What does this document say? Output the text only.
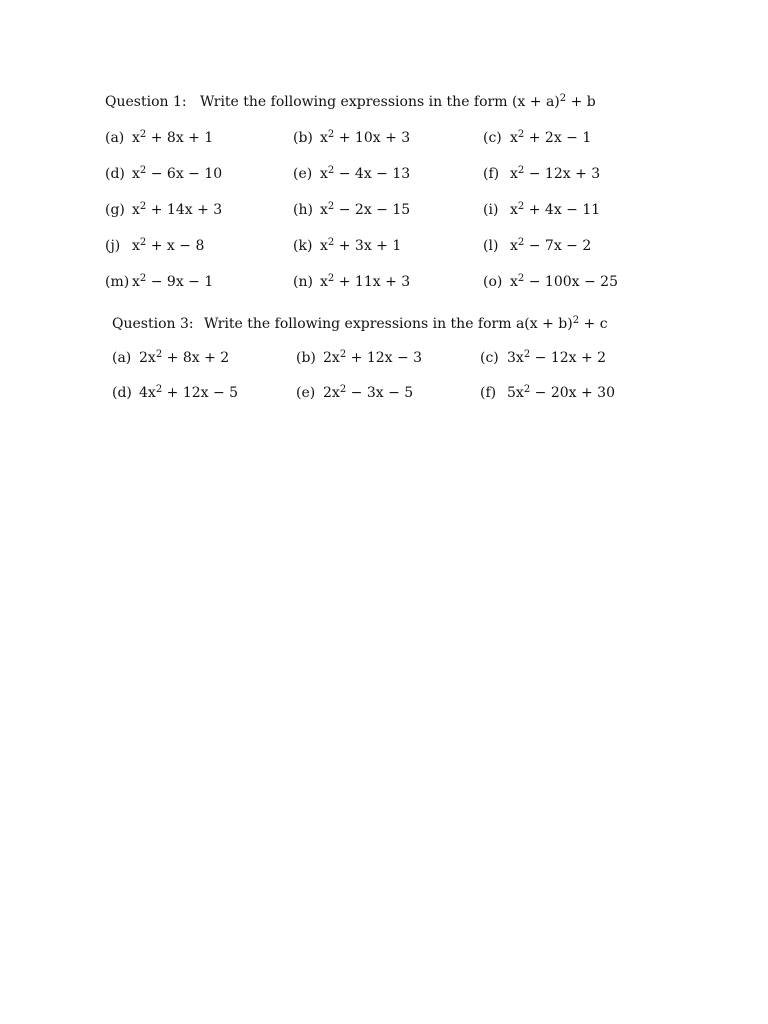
Question 1: Write the following expressions in the form $(x + a)^2 + b$
(a) $x^2 + 8x + 1$	(b) $x^2 + 10x + 3$	(c) $x^2 + 2x - 1$
(d) $x^2 - 6x - 10$	(e) $x^2 - 4x - 13$	(f) $x^2 - 12x + 3$
(g) $x^2 + 14x + 3$	(h) $x^2 - 2x - 15$	(i) $x^2 + 4x - 11$
(j) $x^2 + x - 8$	(k) $x^2 + 3x + 1$	(l) $x^2 - 7x - 2$
(m) $x^2 - 9x - 1$	(n) $x^2 + 11x + 3$	(o) $x^2 - 100x - 25$
Question 3: Write the following expressions in the form $a(x + b)^2 + c$
(a) $2x^2 + 8x + 2$	(b) $2x^2 + 12x - 3$	(c) $3x^2 - 12x + 2$
(d) $4x^2 + 12x - 5$	(e) $2x^2 - 3x - 5$	(f) $5x^2 - 20x + 30$
